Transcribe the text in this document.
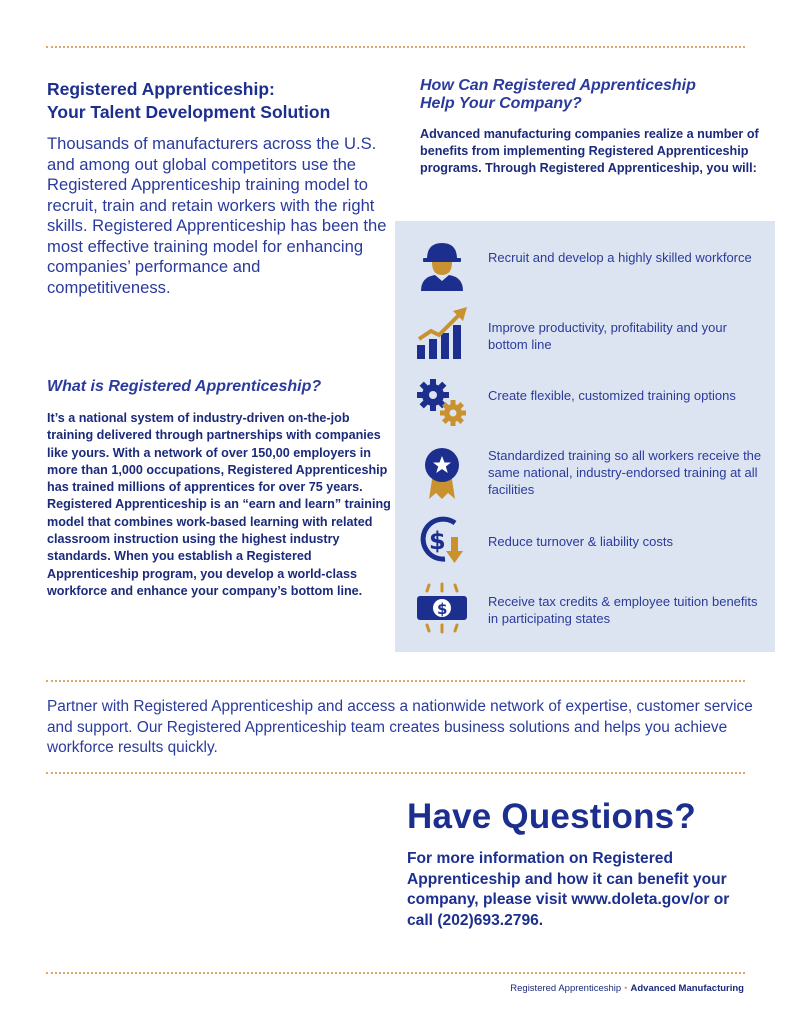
Registered Apprenticeship:
Your Talent Development Solution

Thousands of manufacturers across the U.S. and among out global competitors use the Registered Apprenticeship training model to recruit, train and retain workers with the right skills. Registered Apprenticeship has been the most effective training model for enhancing companies’ performance and competitiveness.

What is Registered Apprenticeship?

It’s a national system of industry-driven on-the-job training delivered through partnerships with companies like yours. With a network of over 150,00 employers in more than 1,000 occupations, Registered Apprenticeship has trained millions of apprentices for over 75 years. Registered Apprenticeship is an “earn and learn” training model that combines work-based learning with related classroom instruction using the highest industry standards. When you establish a Registered Apprenticeship program, you develop a world-class workforce and enhance your company’s bottom line.

How Can Registered Apprenticeship
Help Your Company?

Advanced manufacturing companies realize a number of benefits from implementing Registered Apprenticeship programs. Through Registered Apprenticeship, you will:

Recruit and develop a highly skilled workforce
Improve productivity, profitability and your bottom line
Create flexible, customized training options
Standardized training so all workers receive the same national, industry-endorsed training at all facilities
$	Reduce turnover & liability costs
$	Receive tax credits & employee tuition benefits in participating states

Partner with Registered Apprenticeship and access a nationwide network of expertise, customer service and support. Our Registered Apprenticeship team creates business solutions and helps you achieve workforce results quickly.

Have Questions?

For more information on Registered Apprenticeship and how it can benefit your company, please visit www.doleta.gov/or or call (202)693.2796.

Registered Apprenticeship • Advanced Manufacturing
